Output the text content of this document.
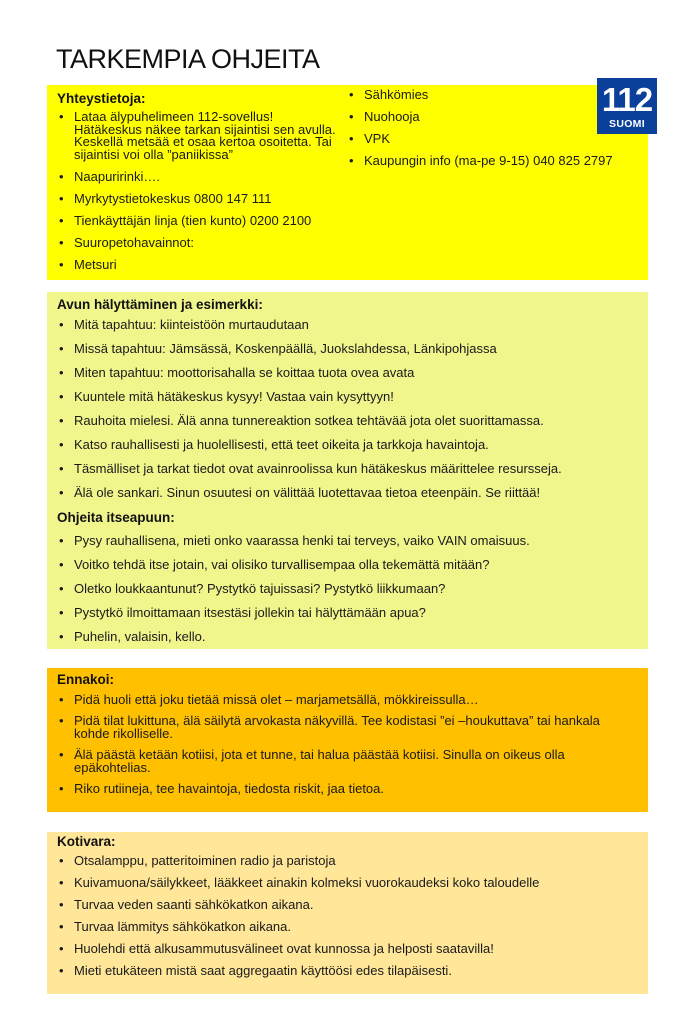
TARKEMPIA OHJEITA
Yhteystietoja:
• Lataa älypuhelimeen 112-sovellus! Hätäkeskus näkee tarkan sijaintisi sen avulla. Keskellä metsää et osaa kertoa osoitetta. Tai sijaintisi voi olla ”paniikissa”
• Naapuririnki….
• Myrkytystietokeskus 0800 147 111
• Tienkäyttäjän linja (tien kunto) 0200 2100
• Suuropetohavainnot:
• Metsuri
• Sähkömies
• Nuohooja
• VPK
• Kaupungin info (ma-pe 9-15) 040 825 2797
112
SUOMI
Avun hälyttäminen ja esimerkki:
• Mitä tapahtuu: kiinteistöön murtaudutaan
• Missä tapahtuu: Jämsässä, Koskenpäällä, Juokslahdessa, Länkipohjassa
• Miten tapahtuu: moottorisahalla se koittaa tuota ovea avata
• Kuuntele mitä hätäkeskus kysyy! Vastaa vain kysyttyyn!
• Rauhoita mielesi. Älä anna tunnereaktion sotkea tehtävää jota olet suorittamassa.
• Katso rauhallisesti ja huolellisesti, että teet oikeita ja tarkkoja havaintoja.
• Täsmälliset ja tarkat tiedot ovat avainroolissa kun hätäkeskus määrittelee resursseja.
• Älä ole sankari. Sinun osuutesi on välittää luotettavaa tietoa eteenpäin. Se riittää!
Ohjeita itseapuun:
• Pysy rauhallisena, mieti onko vaarassa henki tai terveys, vaiko VAIN omaisuus.
• Voitko tehdä itse jotain, vai olisiko turvallisempaa olla tekemättä mitään?
• Oletko loukkaantunut? Pystytkö tajuissasi? Pystytkö liikkumaan?
• Pystytkö ilmoittamaan itsestäsi jollekin tai hälyttämään apua?
• Puhelin, valaisin, kello.
Ennakoi:
• Pidä huoli että joku tietää missä olet – marjametsällä, mökkireissulla…
• Pidä tilat lukittuna, älä säilytä arvokasta näkyvillä. Tee kodistasi ”ei –houkuttava” tai hankala kohde rikolliselle.
• Älä päästä ketään kotiisi, jota et tunne, tai halua päästää kotiisi. Sinulla on oikeus olla epäkohtelias.
• Riko rutiineja, tee havaintoja, tiedosta riskit, jaa tietoa.
Kotivara:
• Otsalamppu, patteritoiminen radio ja paristoja
• Kuivamuona/säilykkeet, lääkkeet ainakin kolmeksi vuorokaudeksi koko taloudelle
• Turvaa veden saanti sähkökatkon aikana.
• Turvaa lämmitys sähkökatkon aikana.
• Huolehdi että alkusammutusvälineet ovat kunnossa ja helposti saatavilla!
• Mieti etukäteen mistä saat aggregaatin käyttöösi edes tilapäisesti.
